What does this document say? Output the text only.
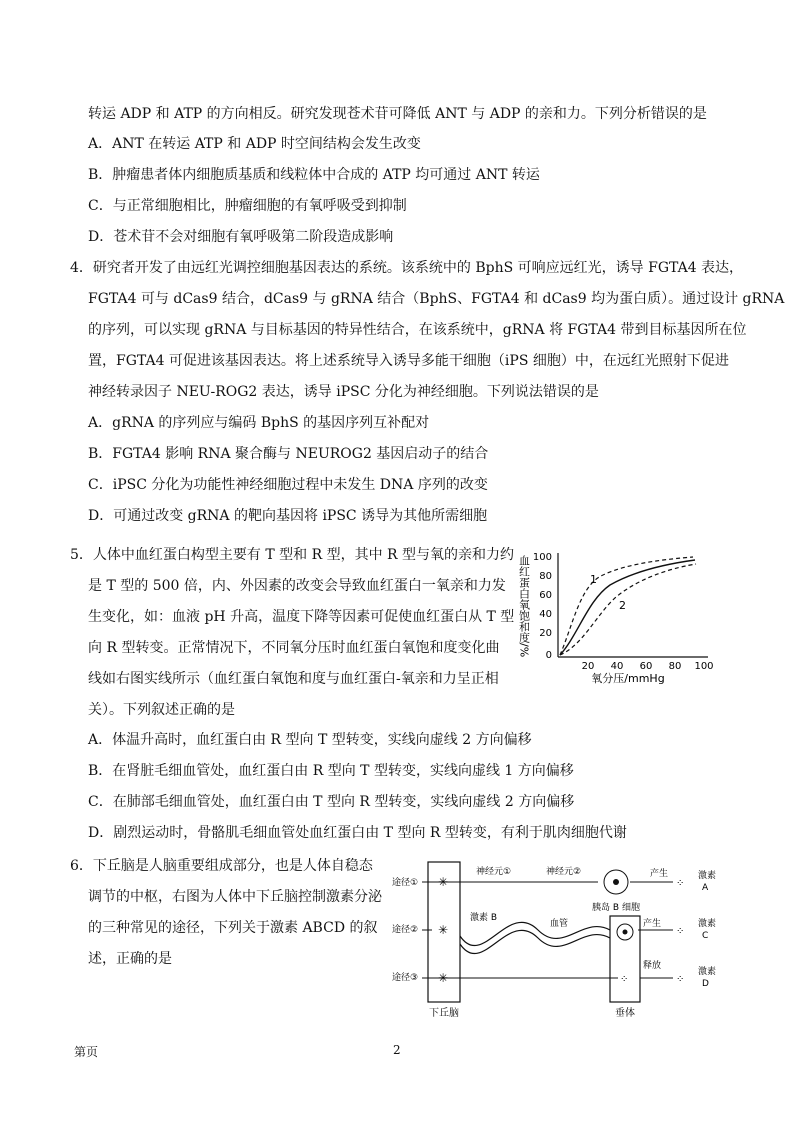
转运 ADP 和 ATP 的方向相反。研究发现苍术苷可降低 ANT 与 ADP 的亲和力。下列分析错误的是
A．ANT 在转运 ATP 和 ADP 时空间结构会发生改变
B．肿瘤患者体内细胞质基质和线粒体中合成的 ATP 均可通过 ANT 转运
C．与正常细胞相比，肿瘤细胞的有氧呼吸受到抑制
D．苍术苷不会对细胞有氧呼吸第二阶段造成影响
4．研究者开发了由远红光调控细胞基因表达的系统。该系统中的 BphS 可响应远红光，诱导 FGTA4 表达，
FGTA4 可与 dCas9 结合，dCas9 与 gRNA 结合（BphS、FGTA4 和 dCas9 均为蛋白质）。通过设计 gRNA
的序列，可以实现 gRNA 与目标基因的特异性结合，在该系统中，gRNA 将 FGTA4 带到目标基因所在位
置，FGTA4 可促进该基因表达。将上述系统导入诱导多能干细胞（iPS 细胞）中，在远红光照射下促进
神经转录因子 NEU-ROG2 表达，诱导 iPSC 分化为神经细胞。下列说法错误的是
A．gRNA 的序列应与编码 BphS 的基因序列互补配对
B．FGTA4 影响 RNA 聚合酶与 NEUROG2 基因启动子的结合
C．iPSC 分化为功能性神经细胞过程中未发生 DNA 序列的改变
D．可通过改变 gRNA 的靶向基因将 iPSC 诱导为其他所需细胞
5．人体中血红蛋白构型主要有 T 型和 R 型，其中 R 型与氧的亲和力约
是 T 型的 500 倍，内、外因素的改变会导致血红蛋白一氧亲和力发
生变化，如：血液 pH 升高，温度下降等因素可促使血红蛋白从 T 型
向 R 型转变。正常情况下，不同氧分压时血红蛋白氧饱和度变化曲
线如右图实线所示（血红蛋白氧饱和度与血红蛋白-氧亲和力呈正相
关）。下列叙述正确的是
A．体温升高时，血红蛋白由 R 型向 T 型转变，实线向虚线 2 方向偏移
B．在肾脏毛细血管处，血红蛋白由 R 型向 T 型转变，实线向虚线 1 方向偏移
C．在肺部毛细血管处，血红蛋白由 T 型向 R 型转变，实线向虚线 2 方向偏移
D．剧烈运动时，骨骼肌毛细血管处血红蛋白由 T 型向 R 型转变，有利于肌肉细胞代谢
6．下丘脑是人脑重要组成部分，也是人体自稳态
调节的中枢，右图为人体中下丘脑控制激素分泌
的三种常见的途径，下列关于激素 ABCD 的叙
述，正确的是
血红蛋白氧饱和度/% 100
80
60
40
20
0
20 40 60 80 100
氧分压/mmHg
1
2
下丘脑	垂体
途径①
途径②
途径③
✳
神经元①	神经元②
胰岛 B 细胞
产生
⁘
激素
A
✳
激素 B
血管	产生
⁘
激素
C
✳	⁘
释放
⁘
激素
D
第页	2
